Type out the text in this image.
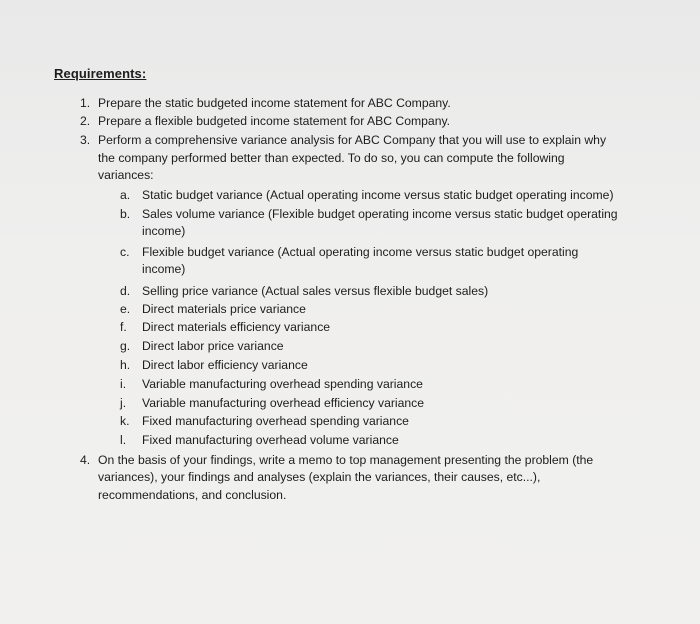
Requirements:
1. Prepare the static budgeted income statement for ABC Company.
2. Prepare a flexible budgeted income statement for ABC Company.
3. Perform a comprehensive variance analysis for ABC Company that you will use to explain why
the company performed better than expected. To do so, you can compute the following
variances:
a. Static budget variance (Actual operating income versus static budget operating income)
b. Sales volume variance (Flexible budget operating income versus static budget operating
income)
c. Flexible budget variance (Actual operating income versus static budget operating
income)
d. Selling price variance (Actual sales versus flexible budget sales)
e. Direct materials price variance
f. Direct materials efficiency variance
g. Direct labor price variance
h. Direct labor efficiency variance
i. Variable manufacturing overhead spending variance
j. Variable manufacturing overhead efficiency variance
k. Fixed manufacturing overhead spending variance
l. Fixed manufacturing overhead volume variance
4. On the basis of your findings, write a memo to top management presenting the problem (the
variances), your findings and analyses (explain the variances, their causes, etc...),
recommendations, and conclusion.
